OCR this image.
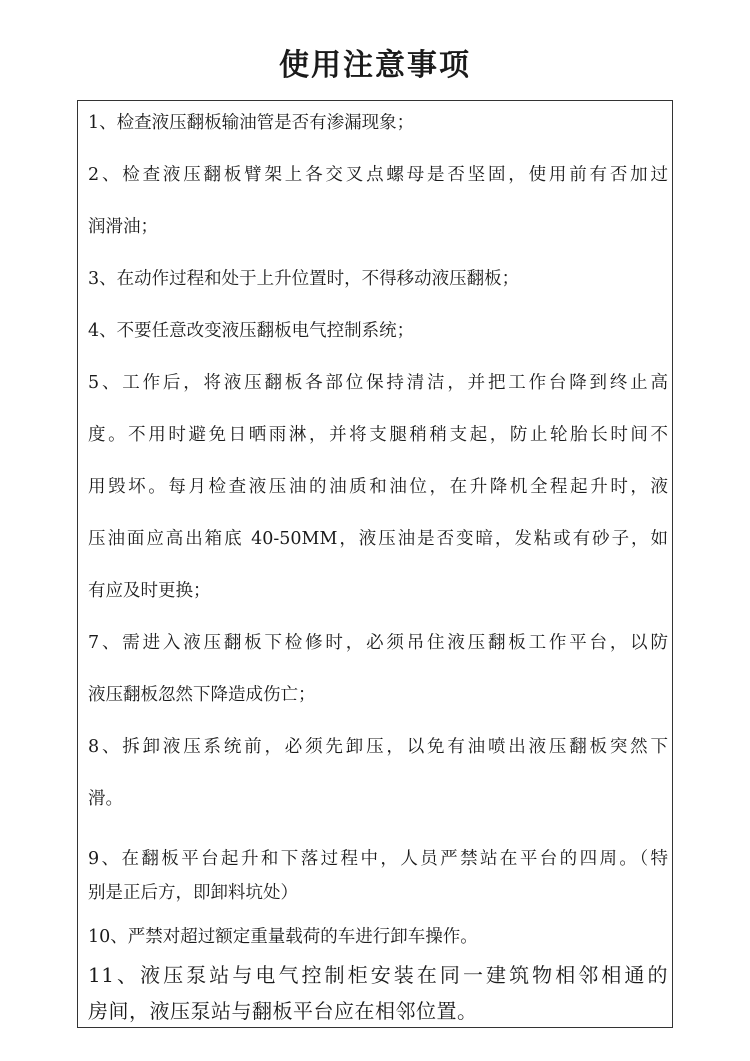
使用注意事项
1、检查液压翻板输油管是否有渗漏现象；
2、检查液压翻板臂架上各交叉点螺母是否坚固，使用前有否加过
润滑油；
3、在动作过程和处于上升位置时，不得移动液压翻板；
4、不要任意改变液压翻板电气控制系统；
5、工作后，将液压翻板各部位保持清洁，并把工作台降到终止高
度。不用时避免日晒雨淋，并将支腿稍稍支起，防止轮胎长时间不
用毁坏。每月检查液压油的油质和油位，在升降机全程起升时，液
压油面应高出箱底 40-50MM，液压油是否变暗，发粘或有砂子，如
有应及时更换；
7、需进入液压翻板下检修时，必须吊住液压翻板工作平台，以防
液压翻板忽然下降造成伤亡；
8、拆卸液压系统前，必须先卸压，以免有油喷出液压翻板突然下
滑。
9、在翻板平台起升和下落过程中，人员严禁站在平台的四周。（特
别是正后方，即卸料坑处）
10、严禁对超过额定重量载荷的车进行卸车操作。
11、液压泵站与电气控制柜安装在同一建筑物相邻相通的
房间，液压泵站与翻板平台应在相邻位置。
